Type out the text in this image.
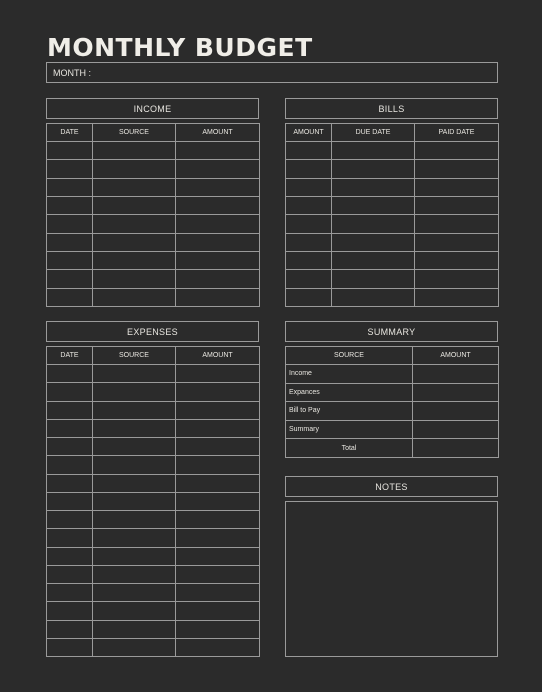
MONTHLY BUDGET
MONTH :
INCOME
DATE	SOURCE	AMOUNT

BILLS
AMOUNT	DUE DATE	PAID DATE

EXPENSES
DATE	SOURCE	AMOUNT

SUMMARY
SOURCE	AMOUNT
Income	
Expances	
Bill to Pay	
Summary	
Total	
NOTES
